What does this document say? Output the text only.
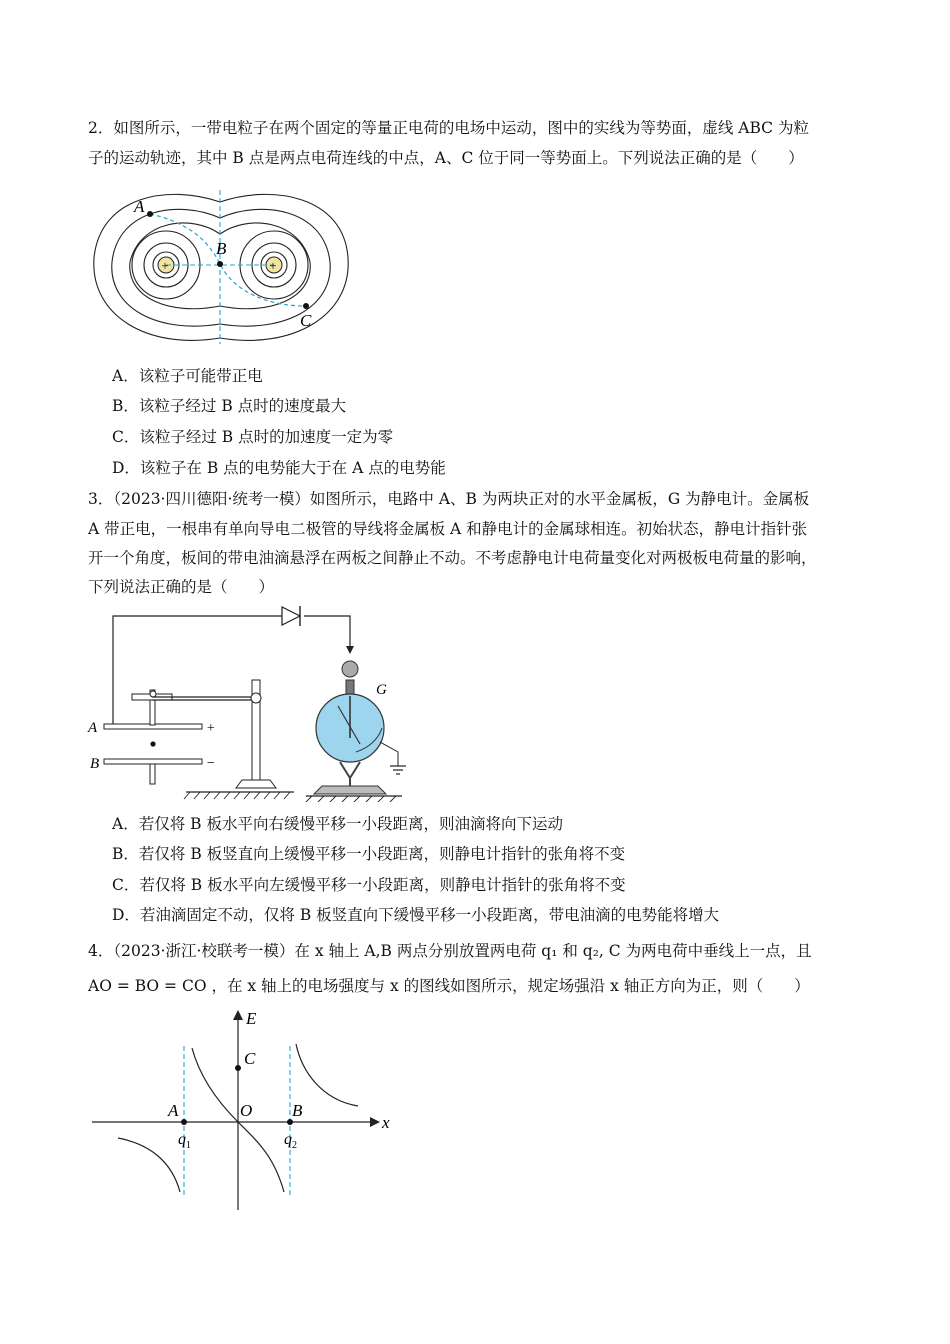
2．如图所示，一带电粒子在两个固定的等量正电荷的电场中运动，图中的实线为等势面，虚线 ABC 为粒
子的运动轨迹，其中 B 点是两点电荷连线的中点，A、C 位于同一等势面上。下列说法正确的是（　　）
A
B
C
+	+
A．该粒子可能带正电
B．该粒子经过 B 点时的速度最大
C．该粒子经过 B 点时的加速度一定为零
D．该粒子在 B 点的电势能大于在 A 点的电势能
3．（2023·四川德阳·统考一模）如图所示，电路中 A、B 为两块正对的水平金属板，G 为静电计。金属板
A 带正电，一根串有单向导电二极管的导线将金属板 A 和静电计的金属球相连。初始状态，静电计指针张
开一个角度，板间的带电油滴悬浮在两板之间静止不动。不考虑静电计电荷量变化对两极板电荷量的影响，
下列说法正确的是（　　）
A
B
+
−
G
A．若仅将 B 板水平向右缓慢平移一小段距离，则油滴将向下运动
B．若仅将 B 板竖直向上缓慢平移一小段距离，则静电计指针的张角将不变
C．若仅将 B 板水平向左缓慢平移一小段距离，则静电计指针的张角将不变
D．若油滴固定不动，仅将 B 板竖直向下缓慢平移一小段距离，带电油滴的电势能将增大
4．（2023·浙江·校联考一模）在 x 轴上 A,B 两点分别放置两电荷 q₁ 和 q₂, C 为两电荷中垂线上一点，且
AO = BO = CO ，在 x 轴上的电场强度与 x 的图线如图所示，规定场强沿 x 轴正方向为正，则（　　）
E
x
C
O
A	B
$q_1$	$q_2$
